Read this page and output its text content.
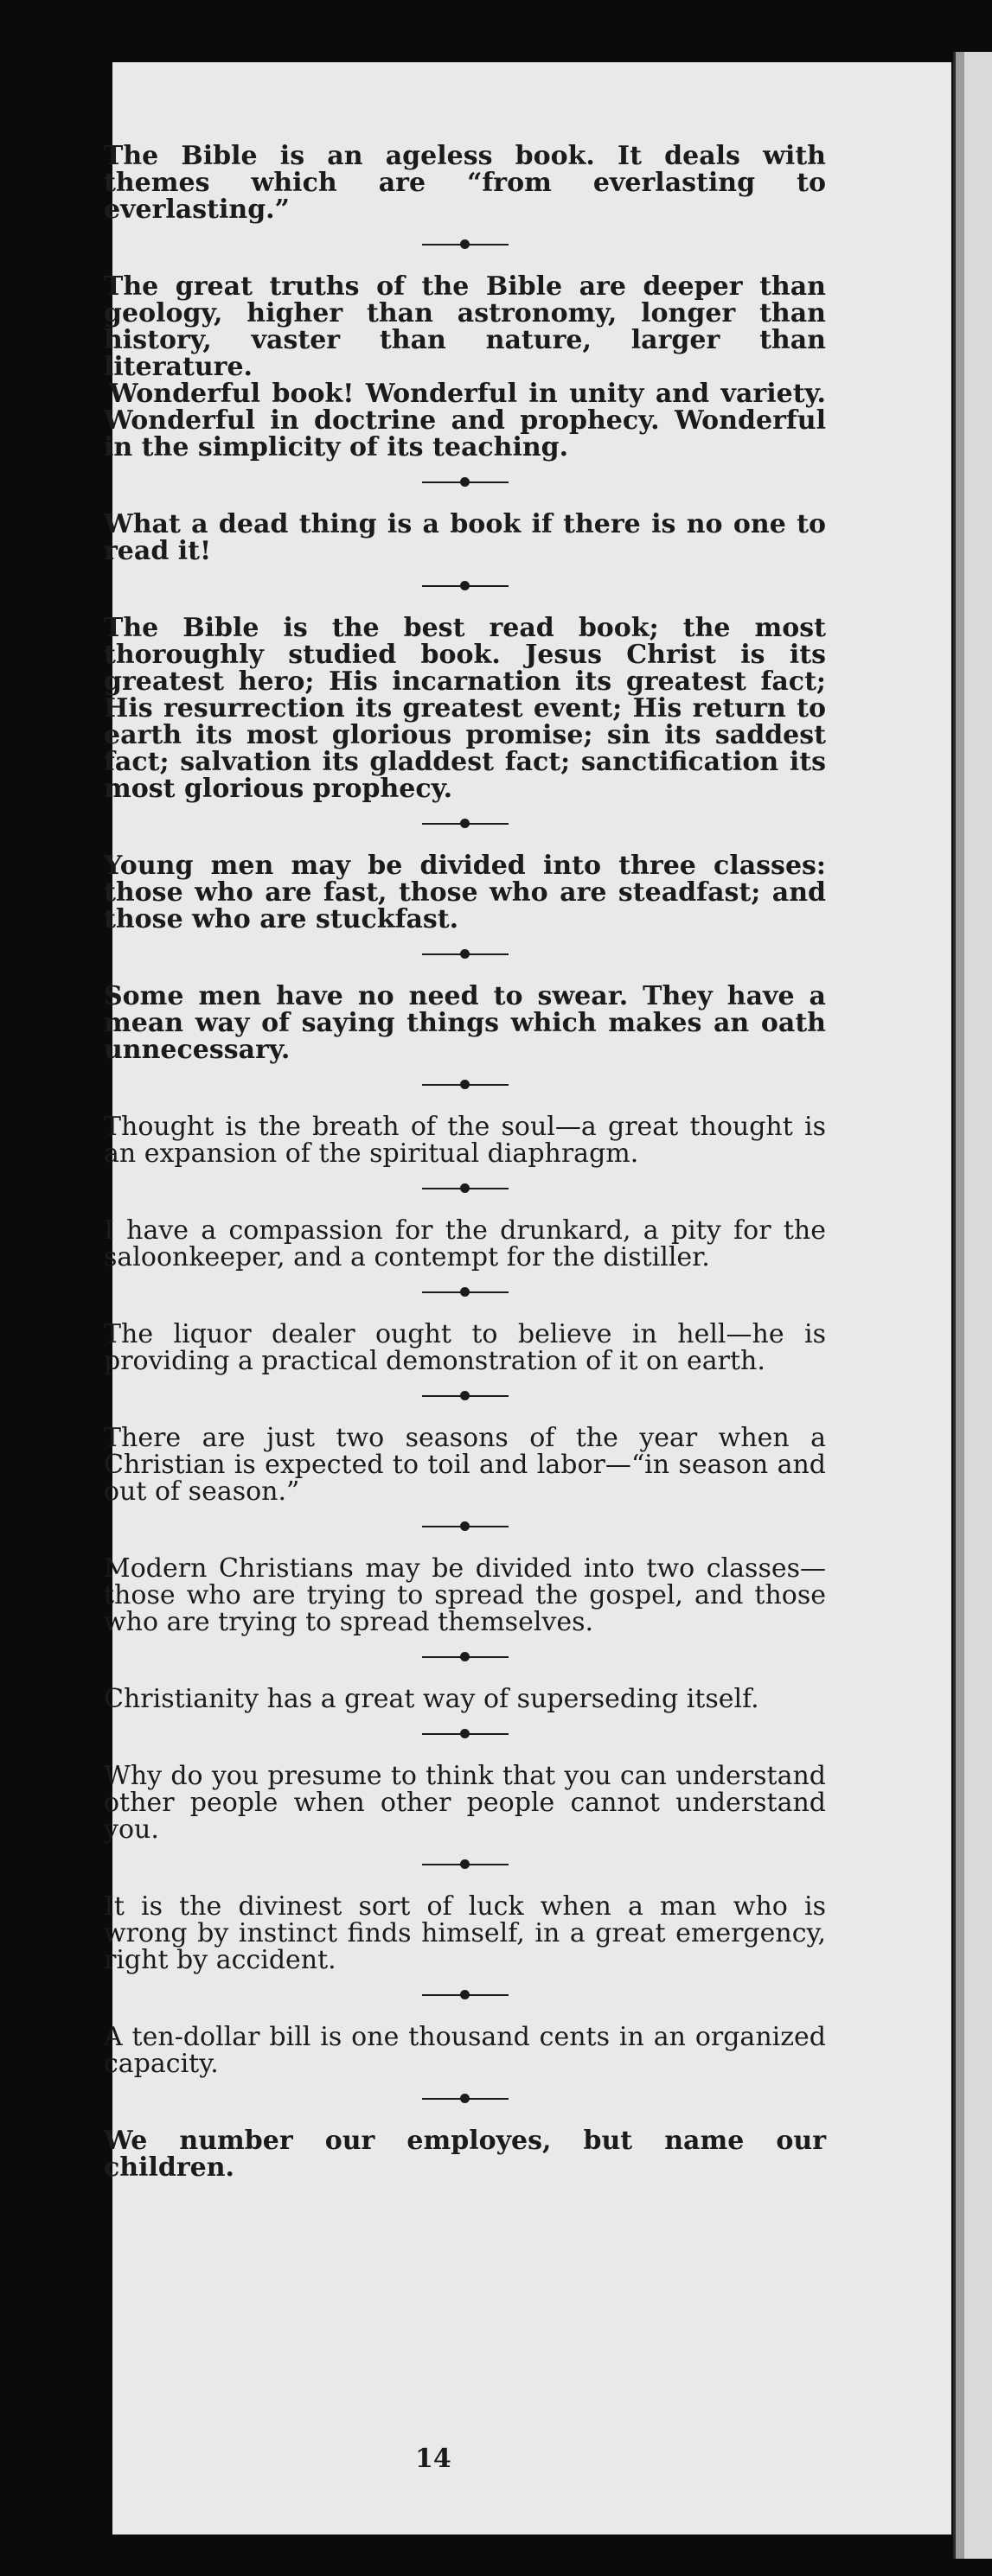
14

The Bible is an ageless book. It deals with themes which are “from everlasting to everlasting.”

The great truths of the Bible are deeper than geology, higher than astronomy, longer than history, vaster than nature, larger than literature.

Wonderful book! Wonderful in unity and variety. Wonderful in doctrine and prophecy. Wonderful in the simplicity of its teaching.

What a dead thing is a book if there is no one to read it!

The Bible is the best read book; the most thoroughly studied book. Jesus Christ is its greatest hero; His incarnation its greatest fact; His resurrection its greatest event; His return to earth its most glorious promise; sin its saddest fact; salvation its gladdest fact; sanctification its most glorious prophecy.

Young men may be divided into three classes: those who are fast, those who are steadfast; and those who are stuckfast.

Some men have no need to swear. They have a mean way of saying things which makes an oath unnecessary.

Thought is the breath of the soul—a great thought is an expansion of the spiritual diaphragm.

I have a compassion for the drunkard, a pity for the saloonkeeper, and a contempt for the distiller.

The liquor dealer ought to believe in hell—he is providing a practical demonstration of it on earth.

There are just two seasons of the year when a Christian is expected to toil and labor—“in season and out of season.”

Modern Christians may be divided into two classes—those who are trying to spread the gospel, and those who are trying to spread themselves.

Christianity has a great way of superseding itself.

Why do you presume to think that you can understand other people when other people cannot understand you.

It is the divinest sort of luck when a man who is wrong by instinct finds himself, in a great emergency, right by accident.

A ten-dollar bill is one thousand cents in an organized capacity.

We number our employes, but name our children.
